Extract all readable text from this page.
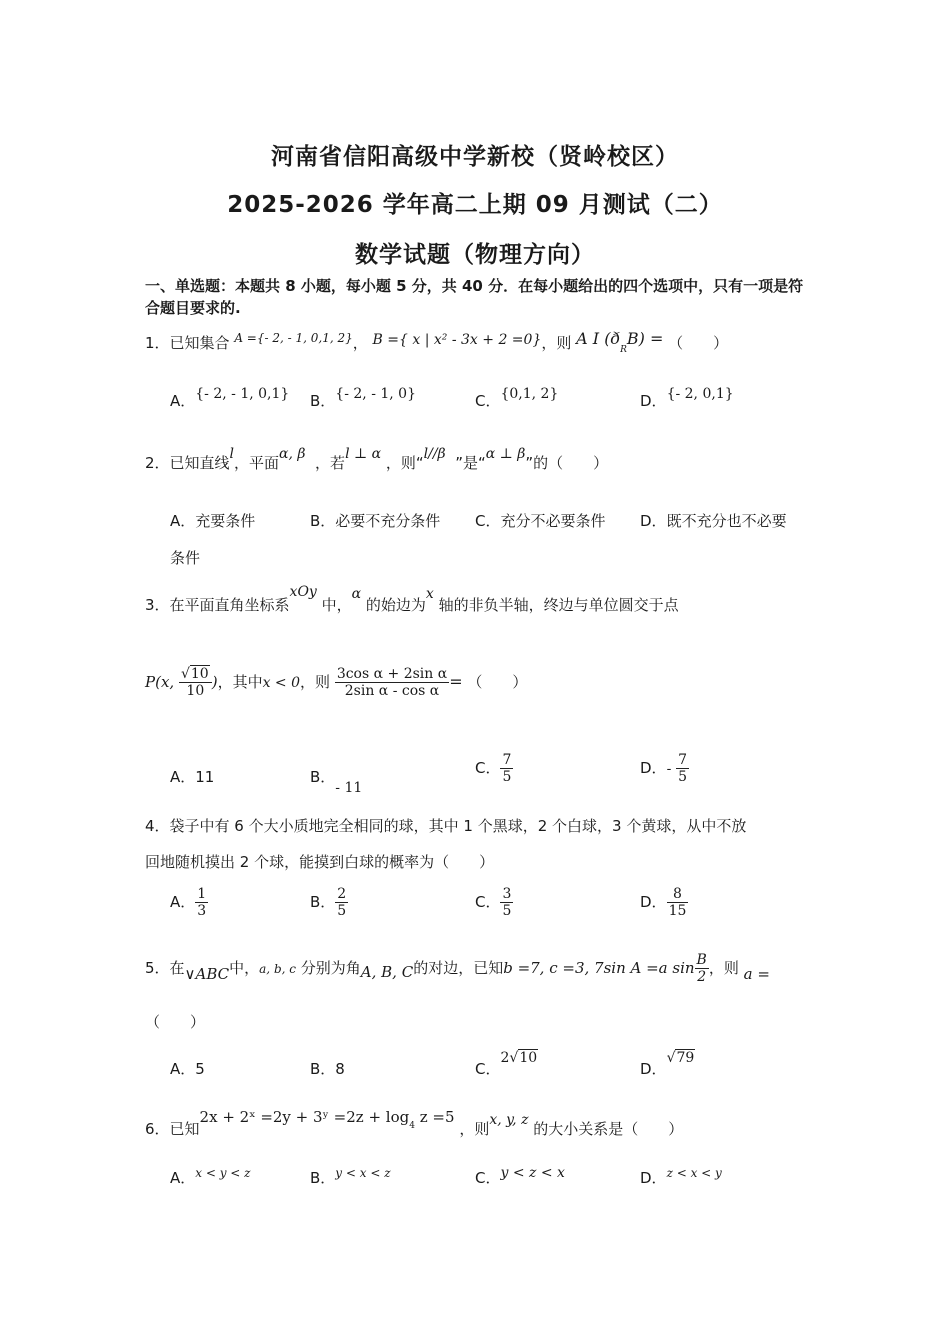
河南省信阳高级中学新校（贤岭校区）
2025-2026 学年高二上期 09 月测试（二）
数学试题（物理方向）
一、单选题：本题共 8 小题，每小题 5 分，共 40 分．在每小题给出的四个选项中，只有一项是符合题目要求的.
1．已知集合 $^{A =\{- 2, - 1, 0,1, 2\}}$， B ={ x | x² - 3x + 2 =0}，则 A I $(ð_RB)$ = （　　）
A．{- 2, - 1, 0,1} B．{- 2, - 1, 0}	C．{0,1, 2}	D．{- 2, 0,1}
2．已知直线l，平面α, β ，若l ⊥ α ，则“l//β ”是“α ⊥ β”的（　　）
A．充要条件	B．必要不充分条件 C．充分不必要条件 D．既不充分也不必要
条件
3．在平面直角坐标系xOy 中，α 的始边为x 轴的非负半轴，终边与单位圆交于点
P(x, $\frac{√10}{10}$ )，其中x < 0，则 $\frac{\text{3cos α + 2sin α}}{\text{2sin α - cos α}}$ = （　　）
A．11	B．- 11
C． $\frac{7}{5}$	D．- $\frac{7}{5}$
4．袋子中有 6 个大小质地完全相同的球，其中 1 个黑球，2 个白球，3 个黄球，从中不放
回地随机摸出 2 个球，能摸到白球的概率为（　　）
A． $\frac{1}{3}$	B． $\frac{2}{5}$	C． $\frac{3}{5}$	D． $\frac{8}{15}$
5．在∨ABC中，a, b, c 分别为角A, B, C的对边，已知b =7, c =3, 7sin A =a $\sin \frac{B}{2}$ ，则 a =
（　　）
A．5	B．8	C．2√10
D．√79
6．已知2x + 2ˣ =2y + 3ʸ $=2z + \log_4 z =5$ ，则x, y, z 的大小关系是（　　）
A．$^{x < y < z}$	B．$^{y < x < z}$	C．y < z < x	D．$^{z < x < y}$
